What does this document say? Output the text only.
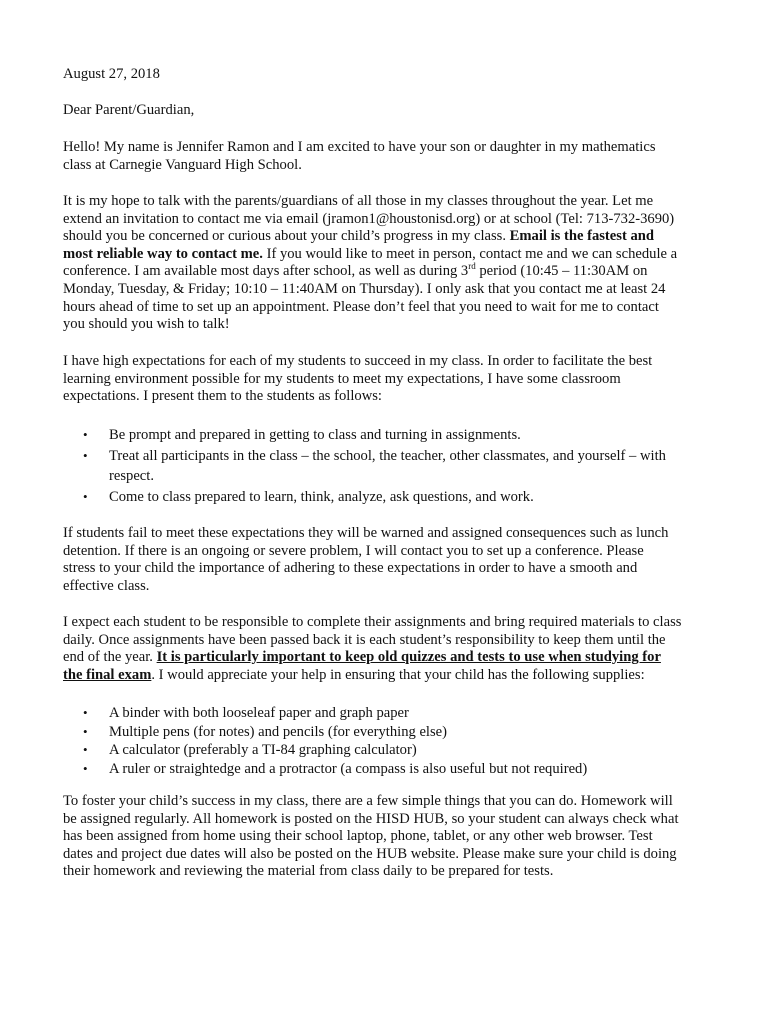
August 27, 2018

Dear Parent/Guardian,

Hello! My name is Jennifer Ramon and I am excited to have your son or daughter in my mathematics
class at Carnegie Vanguard High School.

It is my hope to talk with the parents/guardians of all those in my classes throughout the year. Let me
extend an invitation to contact me via email (jramon1@houstonisd.org) or at school (Tel: 713-732-3690)
should you be concerned or curious about your child’s progress in my class. Email is the fastest and
most reliable way to contact me. If you would like to meet in person, contact me and we can schedule a
conference. I am available most days after school, as well as during 3rd period (10:45 – 11:30AM on
Monday, Tuesday, & Friday; 10:10 – 11:40AM on Thursday). I only ask that you contact me at least 24
hours ahead of time to set up an appointment. Please don’t feel that you need to wait for me to contact
you should you wish to talk!

I have high expectations for each of my students to succeed in my class. In order to facilitate the best
learning environment possible for my students to meet my expectations, I have some classroom
expectations. I present them to the students as follows:

• Be prompt and prepared in getting to class and turning in assignments.
• Treat all participants in the class – the school, the teacher, other classmates, and yourself – with
respect.
• Come to class prepared to learn, think, analyze, ask questions, and work.

If students fail to meet these expectations they will be warned and assigned consequences such as lunch
detention. If there is an ongoing or severe problem, I will contact you to set up a conference. Please
stress to your child the importance of adhering to these expectations in order to have a smooth and
effective class.

I expect each student to be responsible to complete their assignments and bring required materials to class
daily. Once assignments have been passed back it is each student’s responsibility to keep them until the
end of the year. It is particularly important to keep old quizzes and tests to use when studying for
the final exam. I would appreciate your help in ensuring that your child has the following supplies:

• A binder with both looseleaf paper and graph paper
• Multiple pens (for notes) and pencils (for everything else)
• A calculator (preferably a TI-84 graphing calculator)
• A ruler or straightedge and a protractor (a compass is also useful but not required)

To foster your child’s success in my class, there are a few simple things that you can do. Homework will
be assigned regularly. All homework is posted on the HISD HUB, so your student can always check what
has been assigned from home using their school laptop, phone, tablet, or any other web browser. Test
dates and project due dates will also be posted on the HUB website. Please make sure your child is doing
their homework and reviewing the material from class daily to be prepared for tests.
